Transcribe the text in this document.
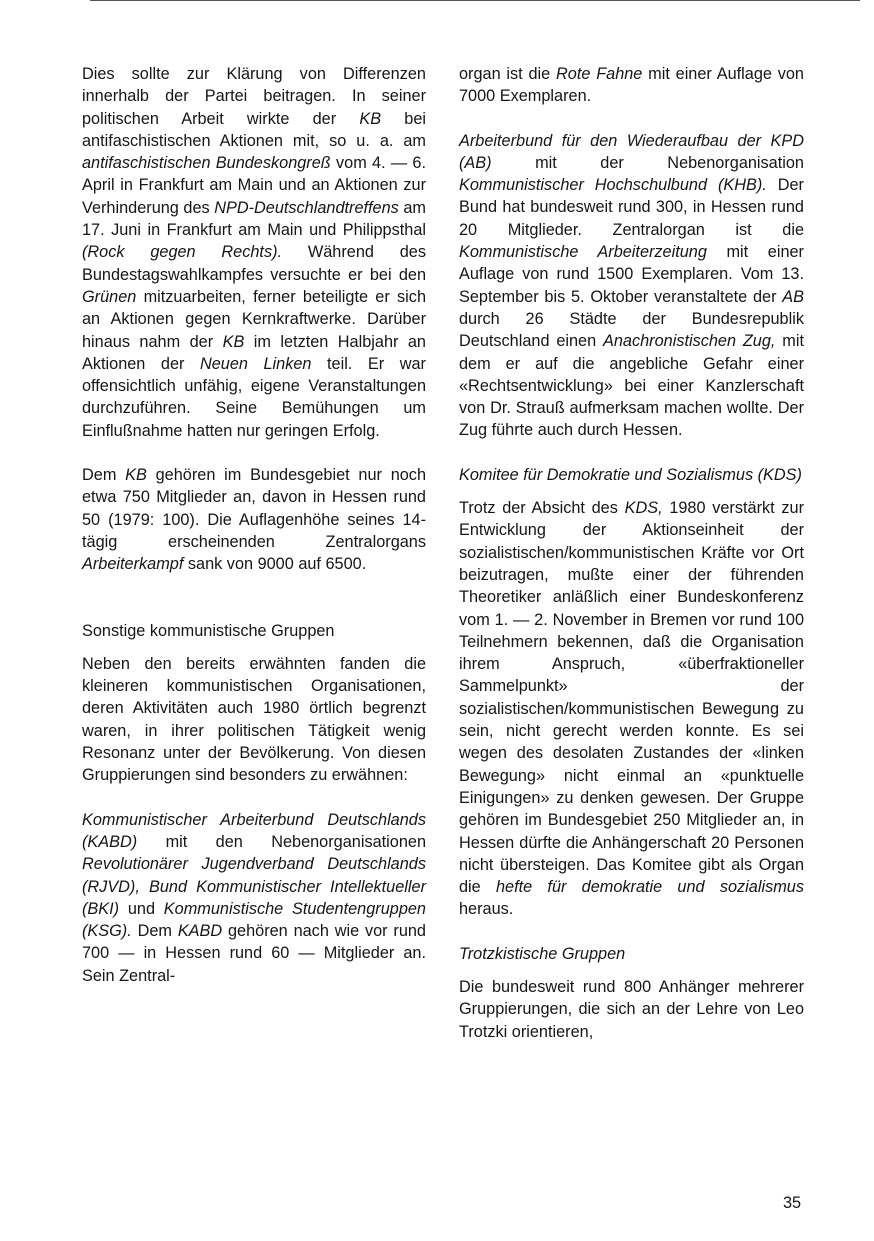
Dies sollte zur Klärung von Differenzen innerhalb der Partei beitragen. In seiner politischen Arbeit wirkte der KB bei antifaschistischen Aktionen mit, so u. a. am antifaschistischen Bundeskongreß vom 4. — 6. April in Frankfurt am Main und an Aktionen zur Verhinderung des NPD-Deutschlandtreffens am 17. Juni in Frankfurt am Main und Philippsthal (Rock gegen Rechts). Während des Bundestagswahlkampfes versuchte er bei den Grünen mitzuarbeiten, ferner beteiligte er sich an Aktionen gegen Kernkraftwerke. Darüber hinaus nahm der KB im letzten Halbjahr an Aktionen der Neuen Linken teil. Er war offensichtlich unfähig, eigene Veranstaltungen durchzuführen. Seine Bemühungen um Einflußnahme hatten nur geringen Erfolg.

Dem KB gehören im Bundesgebiet nur noch etwa 750 Mitglieder an, davon in Hessen rund 50 (1979: 100). Die Auflagenhöhe seines 14-tägig erscheinenden Zentralorgans Arbeiterkampf sank von 9000 auf 6500.

Sonstige kommunistische Gruppen

Neben den bereits erwähnten fanden die kleineren kommunistischen Organisationen, deren Aktivitäten auch 1980 örtlich begrenzt waren, in ihrer politischen Tätigkeit wenig Resonanz unter der Bevölkerung. Von diesen Gruppierungen sind besonders zu erwähnen:

Kommunistischer Arbeiterbund Deutschlands (KABD) mit den Nebenorganisationen Revolutionärer Jugendverband Deutschlands (RJVD), Bund Kommunistischer Intellektueller (BKI) und Kommunistische Studentengruppen (KSG). Dem KABD gehören nach wie vor rund 700 — in Hessen rund 60 — Mitglieder an. Sein Zentral-

organ ist die Rote Fahne mit einer Auflage von 7000 Exemplaren.

Arbeiterbund für den Wiederaufbau der KPD (AB) mit der Nebenorganisation Kommunistischer Hochschulbund (KHB). Der Bund hat bundesweit rund 300, in Hessen rund 20 Mitglieder. Zentralorgan ist die Kommunistische Arbeiterzeitung mit einer Auflage von rund 1500 Exemplaren. Vom 13. September bis 5. Oktober veranstaltete der AB durch 26 Städte der Bundesrepublik Deutschland einen Anachronistischen Zug, mit dem er auf die angebliche Gefahr einer «Rechtsentwicklung» bei einer Kanzlerschaft von Dr. Strauß aufmerksam machen wollte. Der Zug führte auch durch Hessen.

Komitee für Demokratie und Sozialismus (KDS)

Trotz der Absicht des KDS, 1980 verstärkt zur Entwicklung der Aktionseinheit der sozialistischen/kommunistischen Kräfte vor Ort beizutragen, mußte einer der führenden Theoretiker anläßlich einer Bundeskonferenz vom 1. — 2. November in Bremen vor rund 100 Teilnehmern bekennen, daß die Organisation ihrem Anspruch, «überfraktioneller Sammelpunkt» der sozialistischen/kommunistischen Bewegung zu sein, nicht gerecht werden konnte. Es sei wegen des desolaten Zustandes der «linken Bewegung» nicht einmal an «punktuelle Einigungen» zu denken gewesen. Der Gruppe gehören im Bundesgebiet 250 Mitglieder an, in Hessen dürfte die Anhängerschaft 20 Personen nicht übersteigen. Das Komitee gibt als Organ die hefte für demokratie und sozialismus heraus.

Trotzkistische Gruppen

Die bundesweit rund 800 Anhänger mehrerer Gruppierungen, die sich an der Lehre von Leo Trotzki orientieren,

35
